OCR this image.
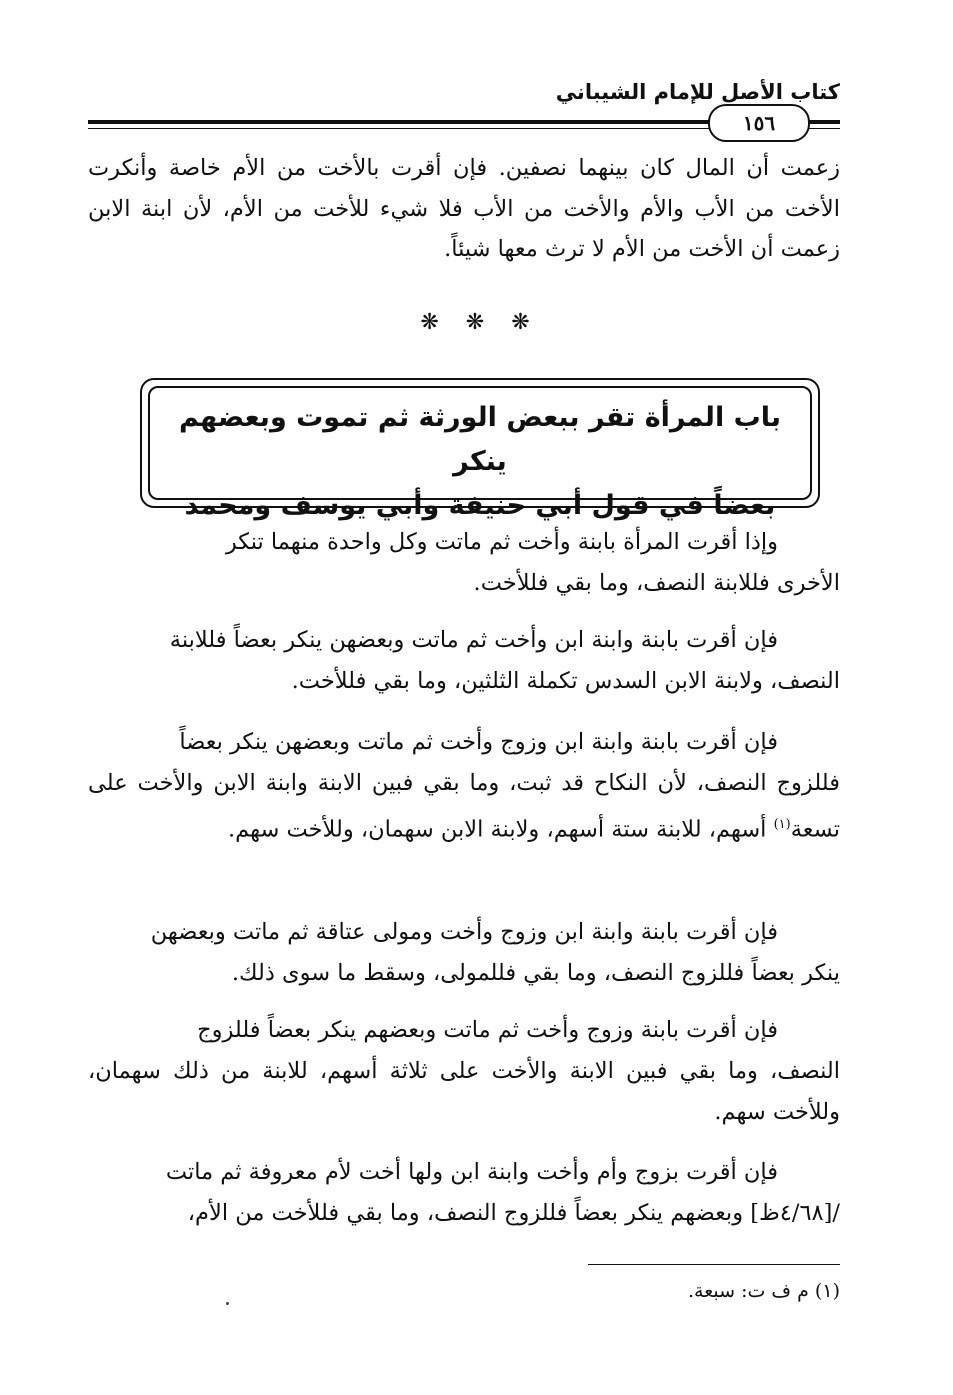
كتاب الأصل للإمام الشيباني
١٥٦
زعمت أن المال كان بينهما نصفين. فإن أقرت بالأخت من الأم خاصة وأنكرت الأخت من الأب والأم والأخت من الأب فلا شيء للأخت من الأم، لأن ابنة الابن زعمت أن الأخت من الأم لا ترث معها شيئاً.
❋ ❋ ❋
باب المرأة تقر ببعض الورثة ثم تموت وبعضهم ينكر
بعضاً في قول أبي حنيفة وأبي يوسف ومحمد
وإذا أقرت المرأة بابنة وأخت ثم ماتت وكل واحدة منهما تنكر
الأخرى فللابنة النصف، وما بقي فللأخت.
فإن أقرت بابنة وابنة ابن وأخت ثم ماتت وبعضهن ينكر بعضاً فللابنة
النصف، ولابنة الابن السدس تكملة الثلثين، وما بقي فللأخت.
فإن أقرت بابنة وابنة ابن وزوج وأخت ثم ماتت وبعضهن ينكر بعضاً
فللزوج النصف، لأن النكاح قد ثبت، وما بقي فبين الابنة وابنة الابن والأخت على تسعة$^{(١)}$ أسهم، للابنة ستة أسهم، ولابنة الابن سهمان، وللأخت سهم.
فإن أقرت بابنة وابنة ابن وزوج وأخت ومولى عتاقة ثم ماتت وبعضهن
ينكر بعضاً فللزوج النصف، وما بقي فللمولى، وسقط ما سوى ذلك.
فإن أقرت بابنة وزوج وأخت ثم ماتت وبعضهم ينكر بعضاً فللزوج
النصف، وما بقي فبين الابنة والأخت على ثلاثة أسهم، للابنة من ذلك سهمان، وللأخت سهم.
فإن أقرت بزوج وأم وأخت وابنة ابن ولها أخت لأم معروفة ثم ماتت
/[٤/٦٨ظ] وبعضهم ينكر بعضاً فللزوج النصف، وما بقي فللأخت من الأم،
(١) م ف ت: سبعة.
